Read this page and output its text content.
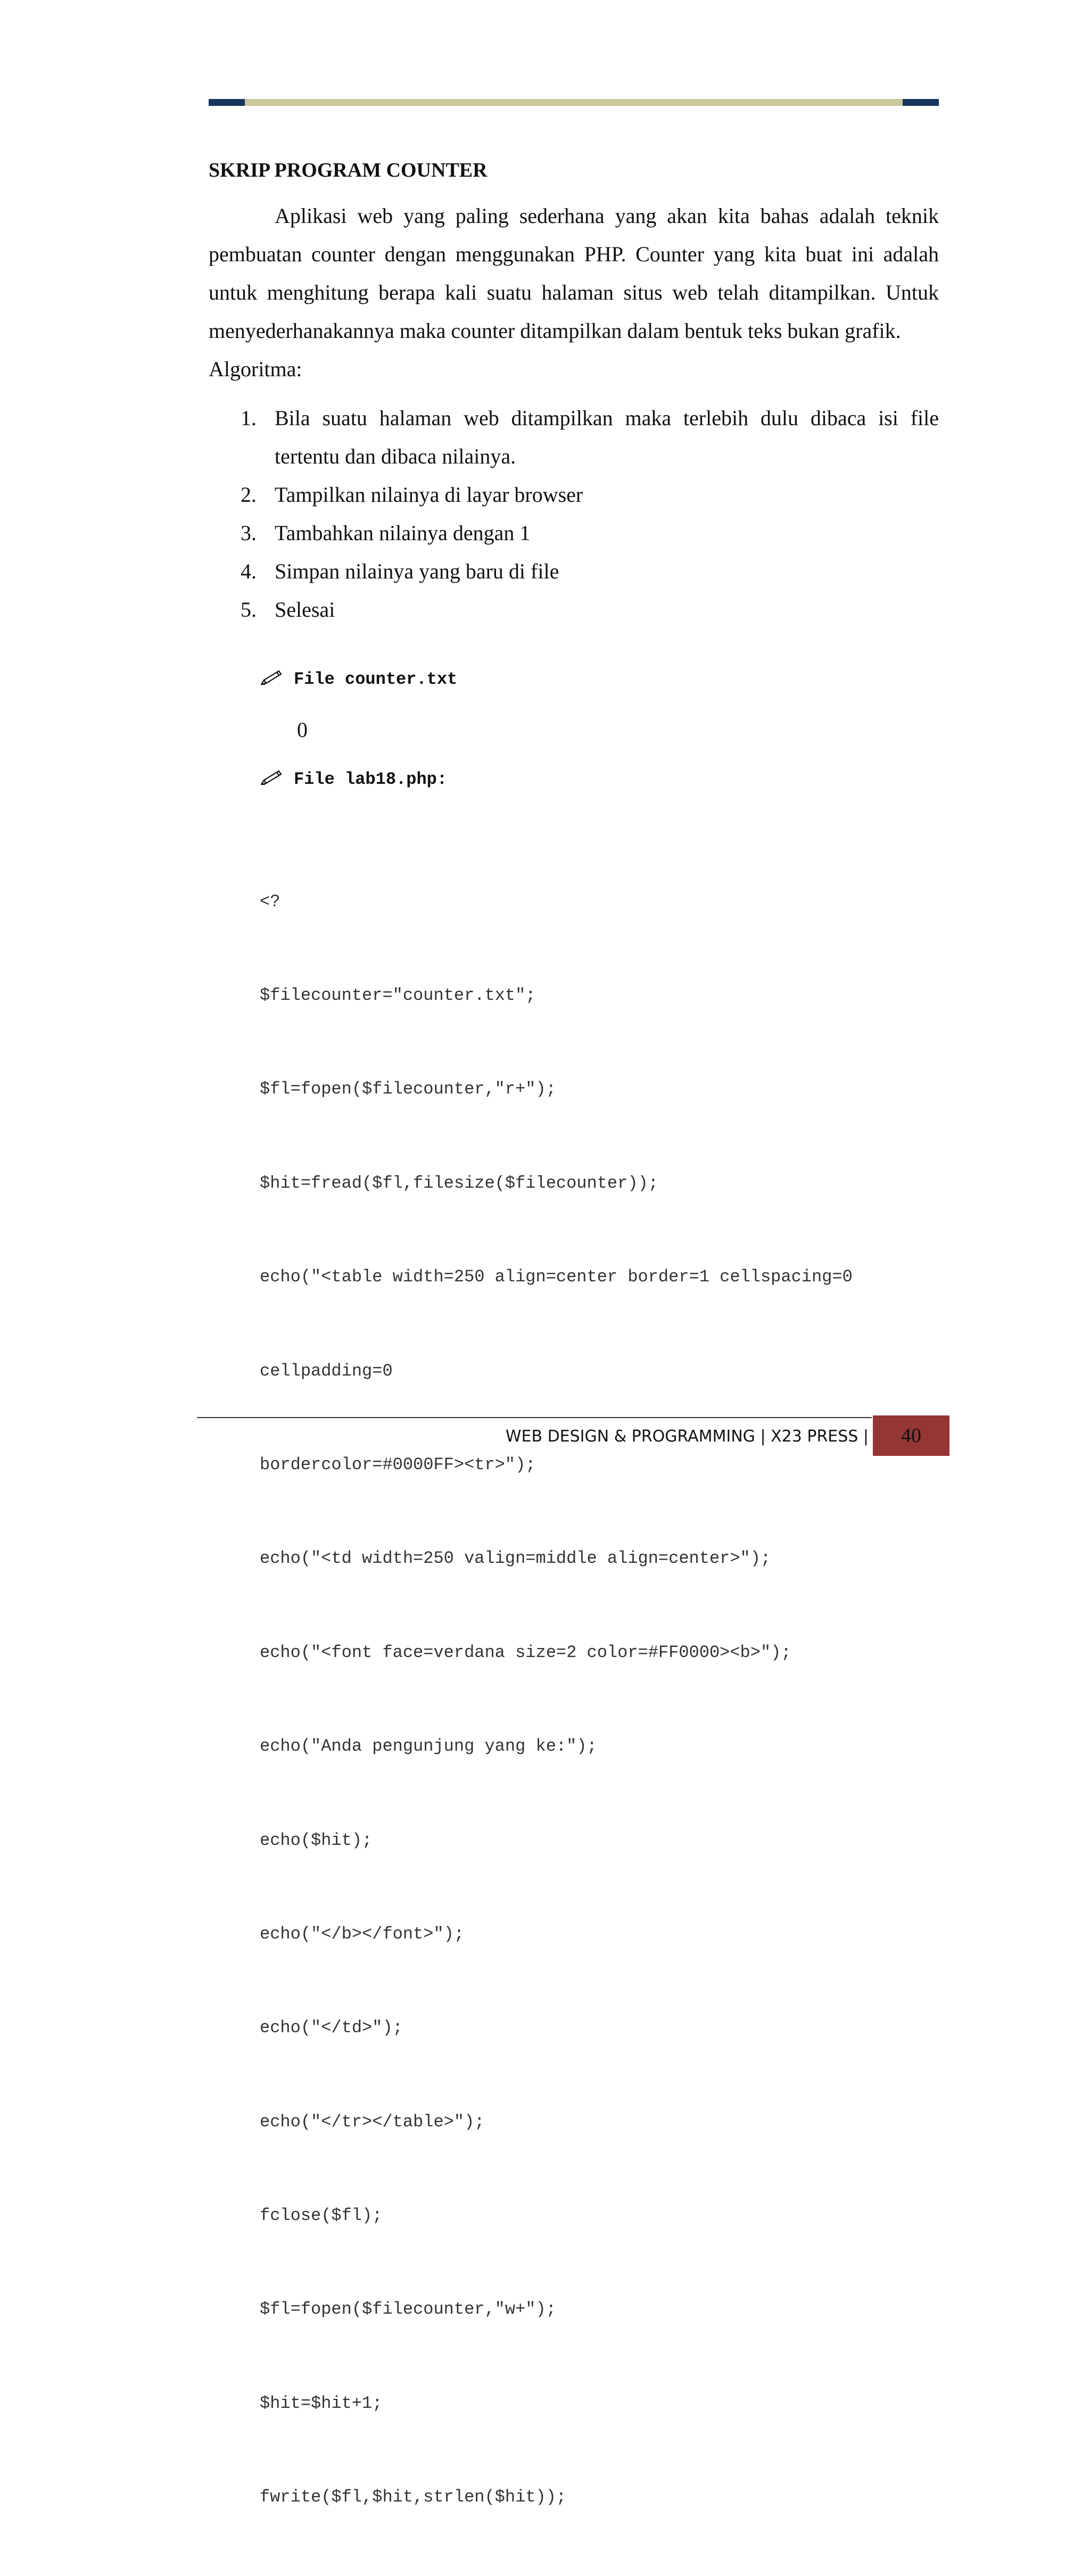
SKRIP PROGRAM COUNTER

Aplikasi web yang paling sederhana yang akan kita bahas adalah teknik pembuatan counter dengan menggunakan PHP. Counter yang kita buat ini adalah untuk menghitung berapa kali suatu halaman situs web telah ditampilkan. Untuk menyederhanakannya maka counter ditampilkan dalam bentuk teks bukan grafik.

Algoritma:
1. Bila suatu halaman web ditampilkan maka terlebih dulu dibaca isi file tertentu dan dibaca nilainya.
2. Tampilkan nilainya di layar browser
3. Tambahkan nilainya dengan 1
4. Simpan nilainya yang baru di file
5. Selesai
File counter.txt
0
File lab18.php:

<?

$filecounter="counter.txt";

$fl=fopen($filecounter,"r+");

$hit=fread($fl,filesize($filecounter));

echo("<table width=250 align=center border=1 cellspacing=0

cellpadding=0

bordercolor=#0000FF><tr>");

echo("<td width=250 valign=middle align=center>");

echo("<font face=verdana size=2 color=#FF0000><b>");

echo("Anda pengunjung yang ke:");

echo($hit);

echo("</b></font>");

echo("</td>");

echo("</tr></table>");

fclose($fl);

$fl=fopen($filecounter,"w+");

$hit=$hit+1;

fwrite($fl,$hit,strlen($hit));

WEB DESIGN & PROGRAMMING | X23 PRESS | 40
